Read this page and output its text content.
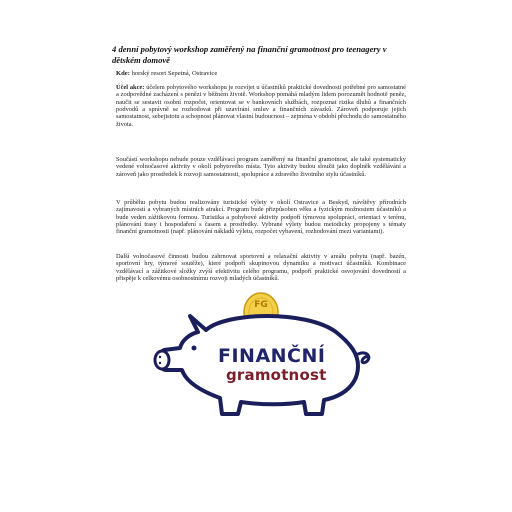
4 denní pobytový workshop zaměřený na finanční gramotnost pro teenagery v dětském domově
Kde: horský resort Sepetná, Ostravice
Účel akce: účelem pobytového workshopu je rozvíjet u účastníků praktické dovednosti potřebné pro samostatné a zodpovědné zacházení s penězi v běžném životě. Workshop pomáhá mladým lidem porozumět hodnotě peněz, naučit se sestavit osobní rozpočet, orientovat se v bankovních službách, rozpoznat rizika dluhů a finančních podvodů a správně se rozhodovat při uzavírání smluv a finančních závazků. Zároveň podporuje jejich samostatnost, sebejistotu a schopnost plánovat vlastní budoucnost – zejména v období přechodu do samostatného života.
Součástí workshopu nebude pouze vzdělávací program zaměřený na finanční gramotnost, ale také systematicky vedené volnočasové aktivity v okolí pobytového místa. Tyto aktivity budou sloužit jako doplněk vzdělávání a zároveň jako prostředek k rozvoji samostatnosti, spolupráce a zdravého životního stylu účastníků.
V průběhu pobytu budou realizovány turistické výlety v okolí Ostravice a Beskyd, návštěvy přírodních zajímavostí a vybraných místních atrakcí. Program bude přizpůsoben věku a fyzickým možnostem účastníků a bude veden zážitkovou formou. Turistika a pohybové aktivity podpoří týmovou spolupráci, orientaci v terénu, plánování trasy i hospodaření s časem a prostředky. Vybrané výlety budou metodicky propojeny s tématy finanční gramotnosti (např. plánování nákladů výletu, rozpočet vybavení, rozhodování mezi variantami).
Další volnočasové činnosti budou zahrnovat sportovní a relaxační aktivity v areálu pobytu (např. bazén, sportovní hry, týmové soutěže), které podpoří skupinovou dynamiku a motivaci účastníků. Kombinace vzdělávací a zážitkové složky zvýší efektivitu celého programu, podpoří praktické osvojování dovedností a přispěje k celkovému osobnostnímu rozvoji mladých účastníků.
FINANČNÍ
gramotnost
FG
